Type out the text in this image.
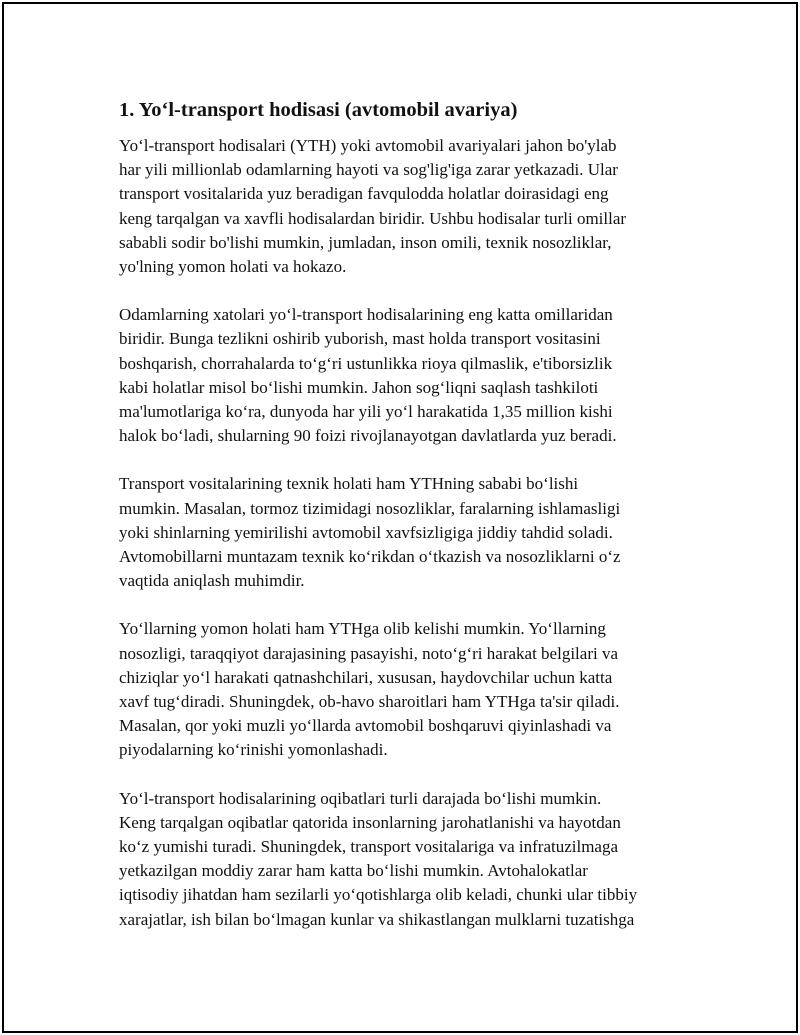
1. Yo‘l-transport hodisasi (avtomobil avariya)
Yo‘l-transport hodisalari (YTH) yoki avtomobil avariyalari jahon bo'ylab
har yili millionlab odamlarning hayoti va sog'lig'iga zarar yetkazadi. Ular
transport vositalarida yuz beradigan favqulodda holatlar doirasidagi eng
keng tarqalgan va xavfli hodisalardan biridir. Ushbu hodisalar turli omillar
sababli sodir bo'lishi mumkin, jumladan, inson omili, texnik nosozliklar,
yo'lning yomon holati va hokazo.
Odamlarning xatolari yo‘l-transport hodisalarining eng katta omillaridan
biridir. Bunga tezlikni oshirib yuborish, mast holda transport vositasini
boshqarish, chorrahalarda to‘g‘ri ustunlikka rioya qilmaslik, e'tiborsizlik
kabi holatlar misol bo‘lishi mumkin. Jahon sog‘liqni saqlash tashkiloti
ma'lumotlariga ko‘ra, dunyoda har yili yo‘l harakatida 1,35 million kishi
halok bo‘ladi, shularning 90 foizi rivojlanayotgan davlatlarda yuz beradi.
Transport vositalarining texnik holati ham YTHning sababi bo‘lishi
mumkin. Masalan, tormoz tizimidagi nosozliklar, faralarning ishlamasligi
yoki shinlarning yemirilishi avtomobil xavfsizligiga jiddiy tahdid soladi.
Avtomobillarni muntazam texnik ko‘rikdan o‘tkazish va nosozliklarni o‘z
vaqtida aniqlash muhimdir.
Yo‘llarning yomon holati ham YTHga olib kelishi mumkin. Yo‘llarning
nosozligi, taraqqiyot darajasining pasayishi, noto‘g‘ri harakat belgilari va
chiziqlar yo‘l harakati qatnashchilari, xususan, haydovchilar uchun katta
xavf tug‘diradi. Shuningdek, ob-havo sharoitlari ham YTHga ta'sir qiladi.
Masalan, qor yoki muzli yo‘llarda avtomobil boshqaruvi qiyinlashadi va
piyodalarning ko‘rinishi yomonlashadi.
Yo‘l-transport hodisalarining oqibatlari turli darajada bo‘lishi mumkin.
Keng tarqalgan oqibatlar qatorida insonlarning jarohatlanishi va hayotdan
ko‘z yumishi turadi. Shuningdek, transport vositalariga va infratuzilmaga
yetkazilgan moddiy zarar ham katta bo‘lishi mumkin. Avtohalokatlar
iqtisodiy jihatdan ham sezilarli yo‘qotishlarga olib keladi, chunki ular tibbiy
xarajatlar, ish bilan bo‘lmagan kunlar va shikastlangan mulklarni tuzatishga
